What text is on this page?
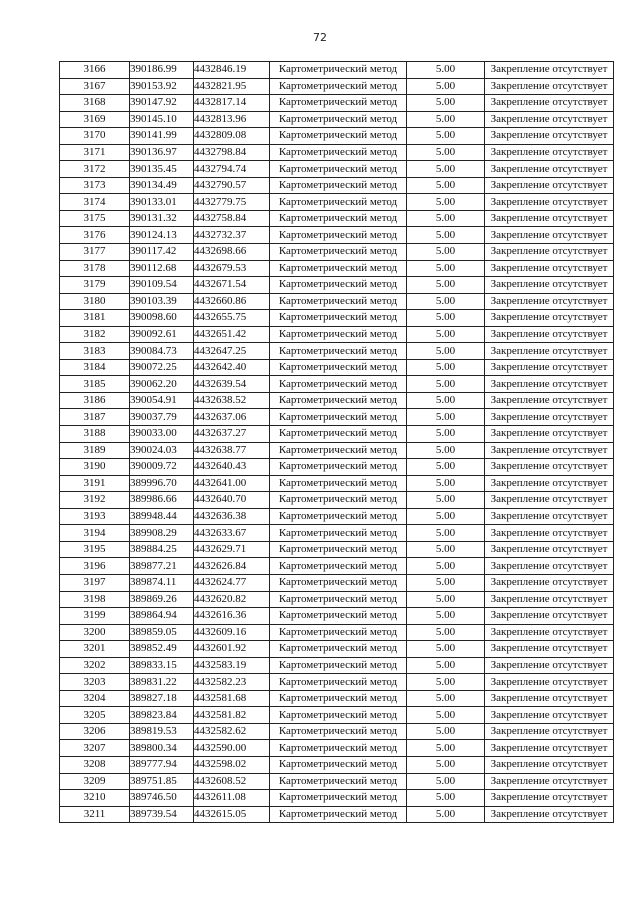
72
3166	390186.99	4432846.19	Картометрический метод	5.00	Закрепление отсутствует
3167	390153.92	4432821.95	Картометрический метод	5.00	Закрепление отсутствует
3168	390147.92	4432817.14	Картометрический метод	5.00	Закрепление отсутствует
3169	390145.10	4432813.96	Картометрический метод	5.00	Закрепление отсутствует
3170	390141.99	4432809.08	Картометрический метод	5.00	Закрепление отсутствует
3171	390136.97	4432798.84	Картометрический метод	5.00	Закрепление отсутствует
3172	390135.45	4432794.74	Картометрический метод	5.00	Закрепление отсутствует
3173	390134.49	4432790.57	Картометрический метод	5.00	Закрепление отсутствует
3174	390133.01	4432779.75	Картометрический метод	5.00	Закрепление отсутствует
3175	390131.32	4432758.84	Картометрический метод	5.00	Закрепление отсутствует
3176	390124.13	4432732.37	Картометрический метод	5.00	Закрепление отсутствует
3177	390117.42	4432698.66	Картометрический метод	5.00	Закрепление отсутствует
3178	390112.68	4432679.53	Картометрический метод	5.00	Закрепление отсутствует
3179	390109.54	4432671.54	Картометрический метод	5.00	Закрепление отсутствует
3180	390103.39	4432660.86	Картометрический метод	5.00	Закрепление отсутствует
3181	390098.60	4432655.75	Картометрический метод	5.00	Закрепление отсутствует
3182	390092.61	4432651.42	Картометрический метод	5.00	Закрепление отсутствует
3183	390084.73	4432647.25	Картометрический метод	5.00	Закрепление отсутствует
3184	390072.25	4432642.40	Картометрический метод	5.00	Закрепление отсутствует
3185	390062.20	4432639.54	Картометрический метод	5.00	Закрепление отсутствует
3186	390054.91	4432638.52	Картометрический метод	5.00	Закрепление отсутствует
3187	390037.79	4432637.06	Картометрический метод	5.00	Закрепление отсутствует
3188	390033.00	4432637.27	Картометрический метод	5.00	Закрепление отсутствует
3189	390024.03	4432638.77	Картометрический метод	5.00	Закрепление отсутствует
3190	390009.72	4432640.43	Картометрический метод	5.00	Закрепление отсутствует
3191	389996.70	4432641.00	Картометрический метод	5.00	Закрепление отсутствует
3192	389986.66	4432640.70	Картометрический метод	5.00	Закрепление отсутствует
3193	389948.44	4432636.38	Картометрический метод	5.00	Закрепление отсутствует
3194	389908.29	4432633.67	Картометрический метод	5.00	Закрепление отсутствует
3195	389884.25	4432629.71	Картометрический метод	5.00	Закрепление отсутствует
3196	389877.21	4432626.84	Картометрический метод	5.00	Закрепление отсутствует
3197	389874.11	4432624.77	Картометрический метод	5.00	Закрепление отсутствует
3198	389869.26	4432620.82	Картометрический метод	5.00	Закрепление отсутствует
3199	389864.94	4432616.36	Картометрический метод	5.00	Закрепление отсутствует
3200	389859.05	4432609.16	Картометрический метод	5.00	Закрепление отсутствует
3201	389852.49	4432601.92	Картометрический метод	5.00	Закрепление отсутствует
3202	389833.15	4432583.19	Картометрический метод	5.00	Закрепление отсутствует
3203	389831.22	4432582.23	Картометрический метод	5.00	Закрепление отсутствует
3204	389827.18	4432581.68	Картометрический метод	5.00	Закрепление отсутствует
3205	389823.84	4432581.82	Картометрический метод	5.00	Закрепление отсутствует
3206	389819.53	4432582.62	Картометрический метод	5.00	Закрепление отсутствует
3207	389800.34	4432590.00	Картометрический метод	5.00	Закрепление отсутствует
3208	389777.94	4432598.02	Картометрический метод	5.00	Закрепление отсутствует
3209	389751.85	4432608.52	Картометрический метод	5.00	Закрепление отсутствует
3210	389746.50	4432611.08	Картометрический метод	5.00	Закрепление отсутствует
3211	389739.54	4432615.05	Картометрический метод	5.00	Закрепление отсутствует
